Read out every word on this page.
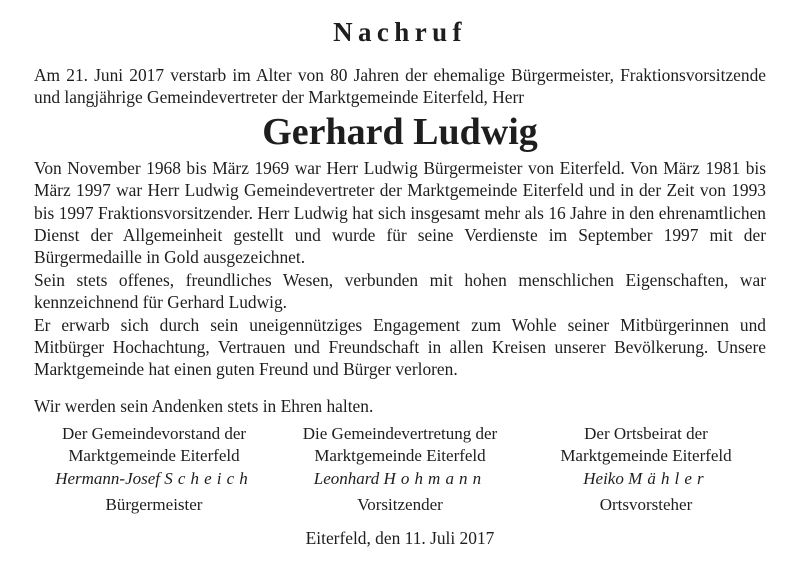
Nachruf

Am 21. Juni 2017 verstarb im Alter von 80 Jahren der ehemalige Bürgermeister, Fraktionsvorsitzende und langjährige Gemeindevertreter der Marktgemeinde Eiterfeld, Herr

Gerhard Ludwig

Von November 1968 bis März 1969 war Herr Ludwig Bürgermeister von Eiterfeld. Von März 1981 bis März 1997 war Herr Ludwig Gemeindevertreter der Marktgemeinde Eiterfeld und in der Zeit von 1993 bis 1997 Fraktionsvorsitzender. Herr Ludwig hat sich insgesamt mehr als 16 Jahre in den ehrenamtlichen Dienst der Allgemeinheit gestellt und wurde für seine Verdienste im September 1997 mit der Bürgermedaille in Gold ausgezeichnet.

Sein stets offenes, freundliches Wesen, verbunden mit hohen menschlichen Eigenschaften, war kennzeichnend für Gerhard Ludwig.

Er erwarb sich durch sein uneigennütziges Engagement zum Wohle seiner Mitbürgerinnen und Mitbürger Hochachtung, Vertrauen und Freundschaft in allen Kreisen unserer Bevölkerung. Unsere Marktgemeinde hat einen guten Freund und Bürger verloren.

Wir werden sein Andenken stets in Ehren halten.
Der Gemeindevorstand der
Marktgemeinde Eiterfeld
Hermann-Josef Scheich
Bürgermeister
Die Gemeindevertretung der
Marktgemeinde Eiterfeld
Leonhard Hohmann
Vorsitzender
Der Ortsbeirat der
Marktgemeinde Eiterfeld
Heiko Mähler
Ortsvorsteher
Eiterfeld, den 11. Juli 2017
